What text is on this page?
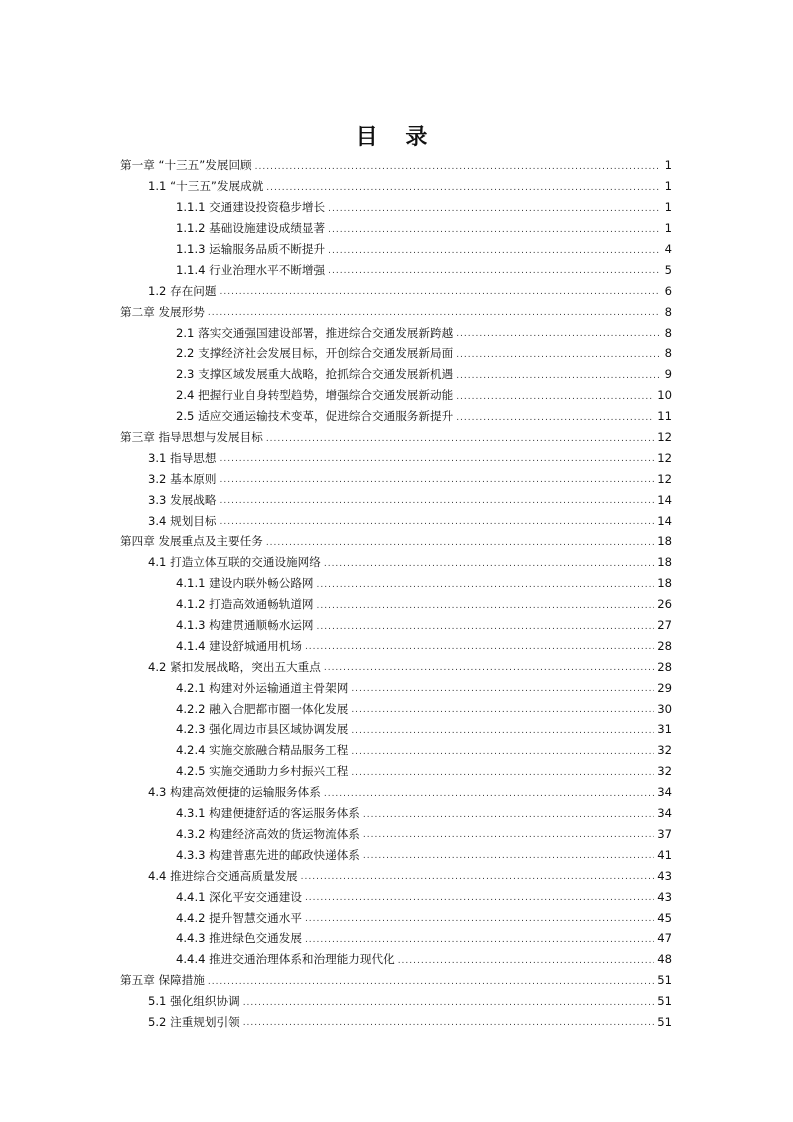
目 录
第一章 “十三五”发展回顾 .....	1
1.1 “十三五”发展成就 .....	1
1.1.1 交通建设投资稳步增长 .....	1
1.1.2 基础设施建设成绩显著 .....	1
1.1.3 运输服务品质不断提升 .....	4
1.1.4 行业治理水平不断增强 .....	5
1.2 存在问题 .....	6
第二章 发展形势 .....	8
2.1 落实交通强国建设部署，推进综合交通发展新跨越 .....	8
2.2 支撑经济社会发展目标，开创综合交通发展新局面 .....	8
2.3 支撑区域发展重大战略，抢抓综合交通发展新机遇 .....	9
2.4 把握行业自身转型趋势，增强综合交通发展新动能 .....	10
2.5 适应交通运输技术变革，促进综合交通服务新提升 .....	11
第三章 指导思想与发展目标 .....	12
3.1 指导思想 .....	12
3.2 基本原则 .....	12
3.3 发展战略 .....	14
3.4 规划目标 .....	14
第四章 发展重点及主要任务 .....	18
4.1 打造立体互联的交通设施网络 .....	18
4.1.1 建设内联外畅公路网 .....	18
4.1.2 打造高效通畅轨道网 .....	26
4.1.3 构建贯通顺畅水运网 .....	27
4.1.4 建设舒城通用机场 .....	28
4.2 紧扣发展战略，突出五大重点 .....	28
4.2.1 构建对外运输通道主骨架网 .....	29
4.2.2 融入合肥都市圈一体化发展 .....	30
4.2.3 强化周边市县区域协调发展 .....	31
4.2.4 实施交旅融合精品服务工程 .....	32
4.2.5 实施交通助力乡村振兴工程 .....	32
4.3 构建高效便捷的运输服务体系 .....	34
4.3.1 构建便捷舒适的客运服务体系 .....	34
4.3.2 构建经济高效的货运物流体系 .....	37
4.3.3 构建普惠先进的邮政快递体系 .....	41
4.4 推进综合交通高质量发展 .....	43
4.4.1 深化平安交通建设 .....	43
4.4.2 提升智慧交通水平 .....	45
4.4.3 推进绿色交通发展 .....	47
4.4.4 推进交通治理体系和治理能力现代化 .....	48
第五章 保障措施 .....	51
5.1 强化组织协调 .....	51
5.2 注重规划引领 .....	51
